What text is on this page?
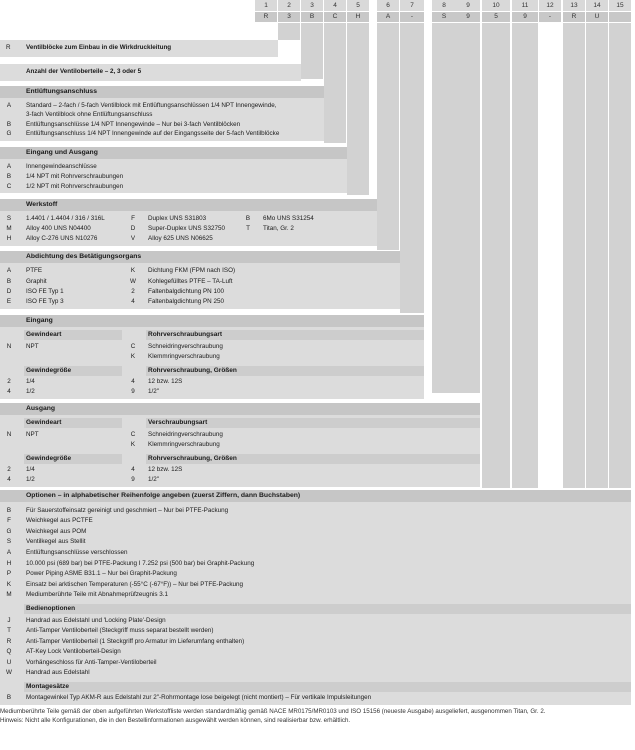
1	2	3	4	5	6	7	8	9	10	11	12	13	14	15
R	3	B	C	H	A	-	S	9	5	9	-	R	U
R Ventilblöcke zum Einbau in die Wirkdruckleitung
Anzahl der Ventiloberteile – 2, 3 oder 5
Entlüftungsanschluss
A	Standard – 2-fach / 5-fach Ventilblock mit Entlüftungsanschlüssen 1/4 NPT Innengewinde,
3-fach Ventilblock ohne Entlüftungsanschluss
B	Entlüftungsanschlüsse 1/4 NPT Innengewinde – Nur bei 3-fach Ventilblöcken
G	Entlüftungsanschluss 1/4 NPT Innengewinde auf der Eingangsseite der 5-fach Ventilblöcke
Eingang und Ausgang
A	Innengewindeanschlüsse
B	1/4 NPT mit Rohrverschraubungen
C	1/2 NPT mit Rohrverschraubungen
Werkstoff
S	1.4401 / 1.4404 / 316 / 316L	F	Duplex UNS S31803	B	6Mo UNS S31254
M	Alloy 400 UNS N04400	D	Super-Duplex UNS S32750	T	Titan, Gr. 2
H	Alloy C-276 UNS N10276	V	Alloy 625 UNS N06625
Abdichtung des Betätigungsorgans
A	PTFE	K	Dichtung FKM (FPM nach ISO)
B	Graphit	W	Kohlegefülltes PTFE – TA-Luft
D	ISO FE Typ 1	2	Faltenbalgdichtung PN 100
E	ISO FE Typ 3	4	Faltenbalgdichtung PN 250
Eingang
Gewindeart	Rohrverschraubungsart
N	NPT	C	Schneidringverschraubung
K	Klemmringverschraubung
Gewindegröße	Rohrverschraubung, Größen
2	1/4	4	12 bzw. 12S
4	1/2	9	1/2"
Ausgang
Gewindeart	Verschraubungsart
N	NPT	C	Schneidringverschraubung
K	Klemmringverschraubung
Gewindegröße	Rohrverschraubung, Größen
2	1/4	4	12 bzw. 12S
4	1/2	9	1/2"
Optionen – in alphabetischer Reihenfolge angeben (zuerst Ziffern, dann Buchstaben)
B	Für Sauerstoffeinsatz gereinigt und geschmiert – Nur bei PTFE-Packung
F	Weichkegel aus PCTFE
G	Weichkegel aus POM
S	Ventilkegel aus Stellit
A	Entlüftungsanschlüsse verschlossen
H	10.000 psi (689 bar) bei PTFE-Packung I 7.252 psi (500 bar) bei Graphit-Packung
P	Power Piping ASME B31.1 – Nur bei Graphit-Packung
K	Einsatz bei arktischen Temperaturen (-55°C (-67°F)) – Nur bei PTFE-Packung
M	Mediumberührte Teile mit Abnahmeprüfzeugnis 3.1
Bedienoptionen
J	Handrad aus Edelstahl und 'Locking Plate'-Design
T	Anti-Tamper Ventiloberteil (Steckgriff muss separat bestellt werden)
R	Anti-Tamper Ventiloberteil (1 Steckgriff pro Armatur im Lieferumfang enthalten)
Q	AT-Key Lock Ventiloberteil-Design
U	Vorhängeschloss für Anti-Tamper-Ventiloberteil
W	Handrad aus Edelstahl
Montagesätze
B	Montagewinkel Typ AKM-R aus Edelstahl zur 2"-Rohrmontage lose beigelegt (nicht montiert) – Für vertikale Impulsleitungen
Mediumberührte Teile gemäß der oben aufgeführten Werkstoffliste werden standardmäßig gemäß NACE MR0175/MR0103 und ISO 15156 (neueste Ausgabe) ausgeliefert, ausgenommen Titan, Gr. 2.
Hinweis: Nicht alle Konfigurationen, die in den Bestellinformationen ausgewählt werden können, sind realisierbar bzw. erhältlich.
